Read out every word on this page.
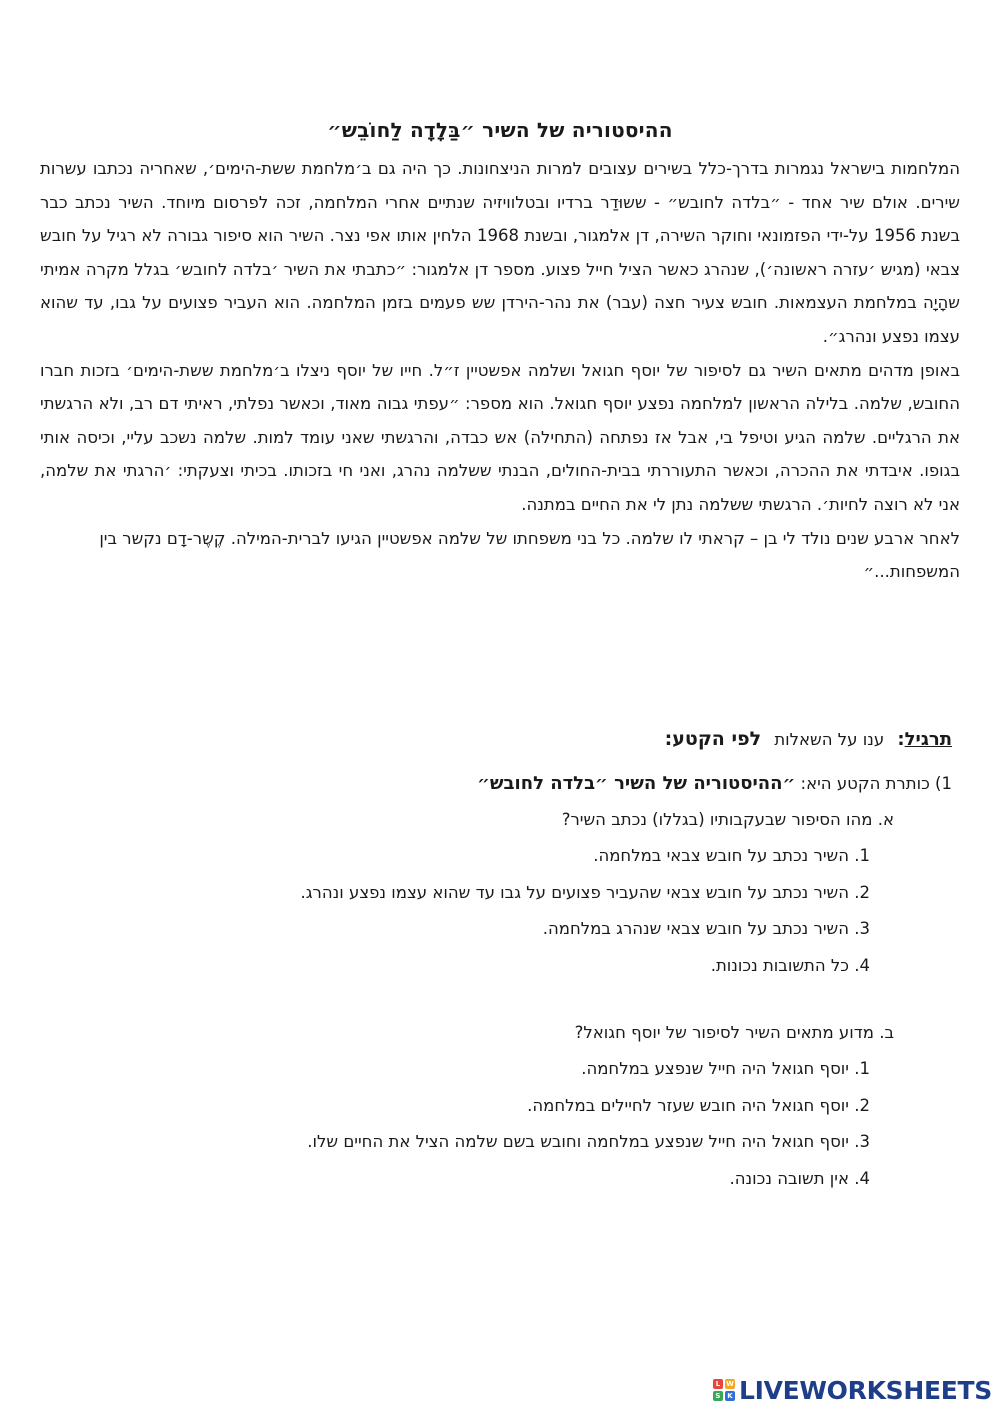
ההיסטוריה של השיר ״בַּלָדָה לַחוֹבֵש״

המלחמות בישראל נגמרות בדרך-כלל בשירים עצובים למרות הניצחונות. כך היה גם ב׳מלחמת ששת-הימים׳, שאחריה נכתבו עשרות שירים. אולם שיר אחד - ״בלדה לחובש״ - ששוּדַר ברדיו ובטלוויזיה שנתיים אחרי המלחמה, זכה לפרסום מיוחד. השיר נכתב כבר בשנת 1956 על-ידי הפזמונאי וחוקר השירה, דן אלמגור, ובשנת 1968 הלחין אותו אפי נצר. השיר הוא סיפור גבורה לא רגיל על חובש צבאי (מגיש ׳עזרה ראשונה׳), שנהרג כאשר הציל חייל פצוע. מספר דן אלמגור: ״כתבתי את השיר ׳בלדה לחובש׳ בגלל מקרה אמיתי שהָיָה במלחמת העצמאות. חובש צעיר חצה (עבר) את נהר-הירדן שש פעמים בזמן המלחמה. הוא העביר פצועים על גבו, עד שהוא עצמו נפצע ונהרג״.

באופן מדהים מתאים השיר גם לסיפור של יוסף חגואל ושלמה אפשטיין ז״ל. חייו של יוסף ניצלו ב׳מלחמת ששת-הימים׳ בזכות חברו החובש, שלמה. בלילה הראשון למלחמה נפצע יוסף חגואל. הוא מספר: ״עפתי גבוה מאוד, וכאשר נפלתי, ראיתי דם רב, ולא הרגשתי את הרגליים. שלמה הגיע וטיפל בי, אבל אז נפתחה (התחילה) אש כבדה, והרגשתי שאני עומד למות. שלמה נשכב עליי, וכיסה אותי בגופו. איבדתי את ההכרה, וכאשר התעוררתי בבית-החולים, הבנתי ששלמה נהרג, ואני חי בזכותו. בכיתי וצעקתי: ׳הרגתי את שלמה, אני לא רוצה לחיות׳. הרגשתי ששלמה נתן לי את החיים במתנה.

לאחר ארבע שנים נולד לי בן – קראתי לו שלמה. כל בני משפחתו של שלמה אפשטיין הגיעו לברית-המילה. קֶשֶר-דָם נקשר בין המשפחות...״

תרגיל: ענו על השאלות לפי הקטע:

1) כותרת הקטע היא: ״ההיסטוריה של השיר ״בלדה לחובש״

א. מהו הסיפור שבעקבותיו (בגללו) נכתב השיר?

1. השיר נכתב על חובש צבאי במלחמה.

2. השיר נכתב על חובש צבאי שהעביר פצועים על גבו עד שהוא עצמו נפצע ונהרג.

3. השיר נכתב על חובש צבאי שנהרג במלחמה.

4. כל התשובות נכונות.

ב. מדוע מתאים השיר לסיפור של יוסף חגואל?

1. יוסף חגואל היה חייל שנפצע במלחמה.

2. יוסף חגואל היה חובש שעזר לחיילים במלחמה.

3. יוסף חגואל היה חייל שנפצע במלחמה וחובש בשם שלמה הציל את החיים שלו.

4. אין תשובה נכונה.

L W
S K LIVEWORKSHEETS
